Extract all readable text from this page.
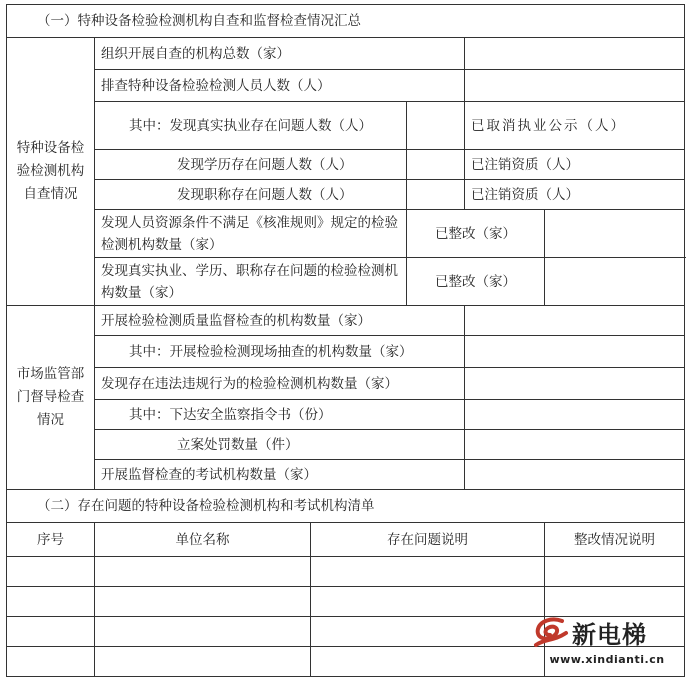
（一）特种设备检验检测机构自查和监督检查情况汇总						
特种设备检验检测机构自查情况	组织开展自查的机构总数（家）					
	排查特种设备检验检测人员人数（人）					
	其中：发现真实执业存在问题人数（人）			已取消执业公示（人）		
	发现学历存在问题人数（人）			已注销资质（人）		
	发现职称存在问题人数（人）			已注销资质（人）		
	发现人员资源条件不满足《核准规则》规定的检验检测机构数量（家）		已整改（家）			
	发现真实执业、学历、职称存在问题的检验检测机构数量（家）		已整改（家）			
市场监管部门督导检查情况	开展检验检测质量监督检查的机构数量（家）					
	其中：开展检验检测现场抽查的机构数量（家）					
	发现存在违法违规行为的检验检测机构数量（家）					
	其中：下达安全监察指令书（份）					
	立案处罚数量（件）					
	开展监督检查的考试机构数量（家）					
（二）存在问题的特种设备检验检测机构和考试机构清单						
序号	单位名称	存在问题说明			整改情况说明	

新电梯
www.xindianti.cn
